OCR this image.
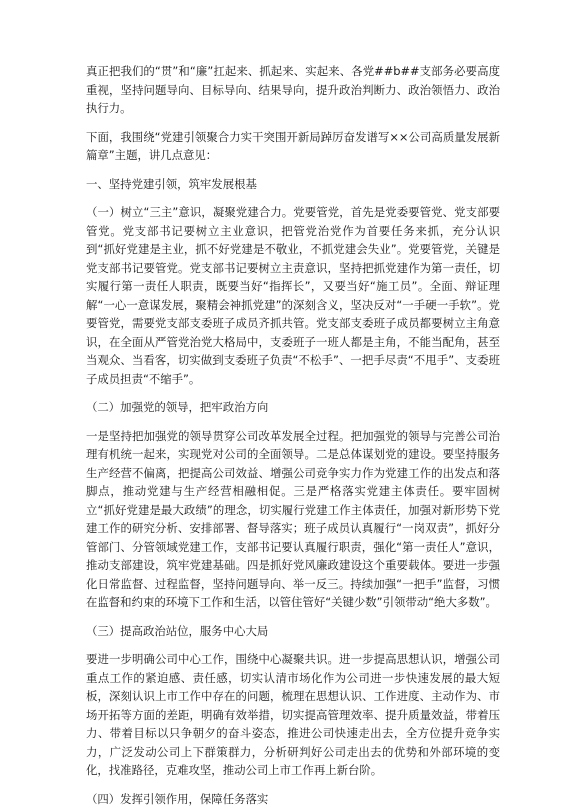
真正把我们的“贯”和“廉”扛起来、抓起来、实起来、各党##b##支部务必要高度重视，坚持问题导向、目标导向、结果导向，提升政治判断力、政治领悟力、政治执行力。

下面，我围绕“党建引领聚合力实干突围开新局踔厉奋发谱写××公司高质量发展新篇章”主题，讲几点意见：

一、坚持党建引领，筑牢发展根基

（一）树立“三主”意识，凝聚党建合力。党要管党，首先是党委要管党、党支部要管党。党支部书记要树立主业意识，把管党治党作为首要任务来抓，充分认识到“抓好党建是主业，抓不好党建是不敬业，不抓党建会失业”。党要管党，关键是党支部书记要管党。党支部书记要树立主责意识，坚持把抓党建作为第一责任，切实履行第一责任人职责，既要当好“指挥长”，又要当好“施工员”。全面、辩证理解“一心一意谋发展，聚精会神抓党建”的深刻含义，坚决反对“一手硬一手软”。党要管党，需要党支部支委班子成员齐抓共管。党支部支委班子成员都要树立主角意识，在全面从严管党治党大格局中，支委班子一班人都是主角，不能当配角，甚至当观众、当看客，切实做到支委班子负责“不松手”、一把手尽责“不甩手”、支委班子成员担责“不缩手”。

（二）加强党的领导，把牢政治方向

一是坚持把加强党的领导贯穿公司改革发展全过程。把加强党的领导与完善公司治理有机统一起来，实现党对公司的全面领导。二是总体谋划党的建设。要坚持服务生产经营不偏离，把提高公司效益、增强公司竞争实力作为党建工作的出发点和落脚点，推动党建与生产经营相融相促。三是严格落实党建主体责任。要牢固树立“抓好党建是最大政绩”的理念，切实履行党建工作主体责任，加强对新形势下党建工作的研究分析、安排部署、督导落实；班子成员认真履行“一岗双责”，抓好分管部门、分管领域党建工作，支部书记要认真履行职责，强化“第一责任人”意识，推动支部建设，筑牢党建基础。四是抓好党风廉政建设这个重要载体。要进一步强化日常监督、过程监督，坚持问题导向、举一反三。持续加强“一把手”监督，习惯在监督和约束的环境下工作和生活，以管住管好“关键少数”引领带动“绝大多数”。

（三）提高政治站位，服务中心大局

要进一步明确公司中心工作，围绕中心凝聚共识。进一步提高思想认识，增强公司重点工作的紧迫感、责任感，切实认清市场化作为公司进一步快速发展的最大短板，深刻认识上市工作中存在的问题，梳理在思想认识、工作进度、主动作为、市场开拓等方面的差距，明确有效举措，切实提高管理效率、提升质量效益，带着压力、带着目标以只争朝夕的奋斗姿态，推进公司快速走出去，全方位提升竞争实力，广泛发动公司上下群策群力，分析研判好公司走出去的优势和外部环境的变化，找准路径，克难攻坚，推动公司上市工作再上新台阶。

（四）发挥引领作用，保障任务落实
